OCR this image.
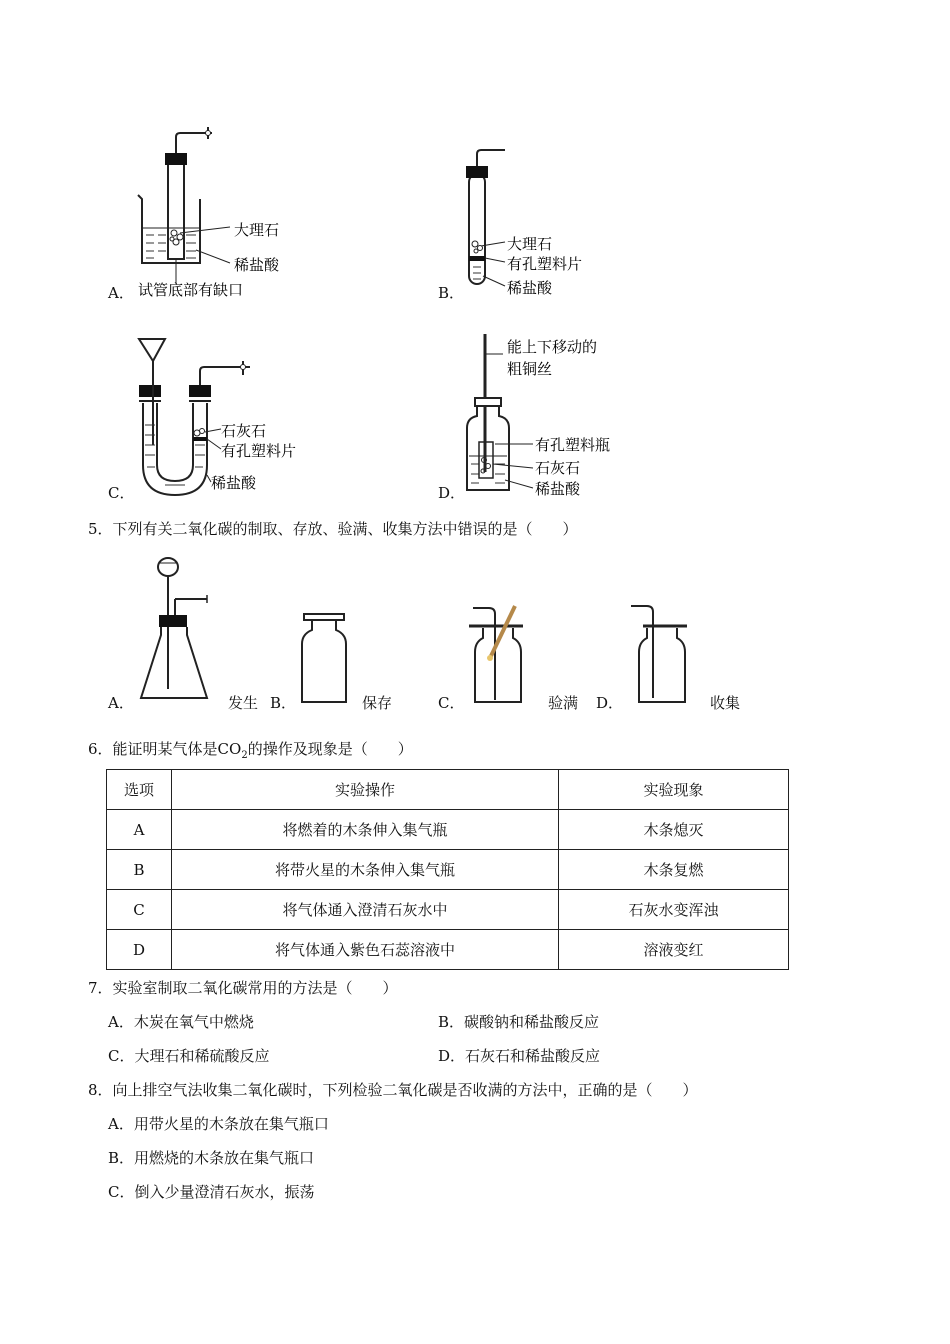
大理石
稀盐酸
试管底部有缺口
A．
大理石
有孔塑料片
稀盐酸
B．
石灰石
有孔塑料片
稀盐酸
C．
能上下移动的
粗铜丝
有孔塑料瓶
石灰石
稀盐酸
D．
5．下列有关二氧化碳的制取、存放、验满、收集方法中错误的是（　　）
A．	发生 B．	保存	C．	验满 D．	收集
6．能证明某气体是$CO_2$的操作及现象是（　　）
选项	实验操作	实验现象
A	将燃着的木条伸入集气瓶	木条熄灭
B	将带火星的木条伸入集气瓶	木条复燃
C	将气体通入澄清石灰水中	石灰水变浑浊
D	将气体通入紫色石蕊溶液中	溶液变红
7．实验室制取二氧化碳常用的方法是（　　）
A．木炭在氧气中燃烧	B．碳酸钠和稀盐酸反应
C．大理石和稀硫酸反应	D．石灰石和稀盐酸反应
8．向上排空气法收集二氧化碳时，下列检验二氧化碳是否收满的方法中，正确的是（　　）
A．用带火星的木条放在集气瓶口
B．用燃烧的木条放在集气瓶口
C．倒入少量澄清石灰水，振荡
